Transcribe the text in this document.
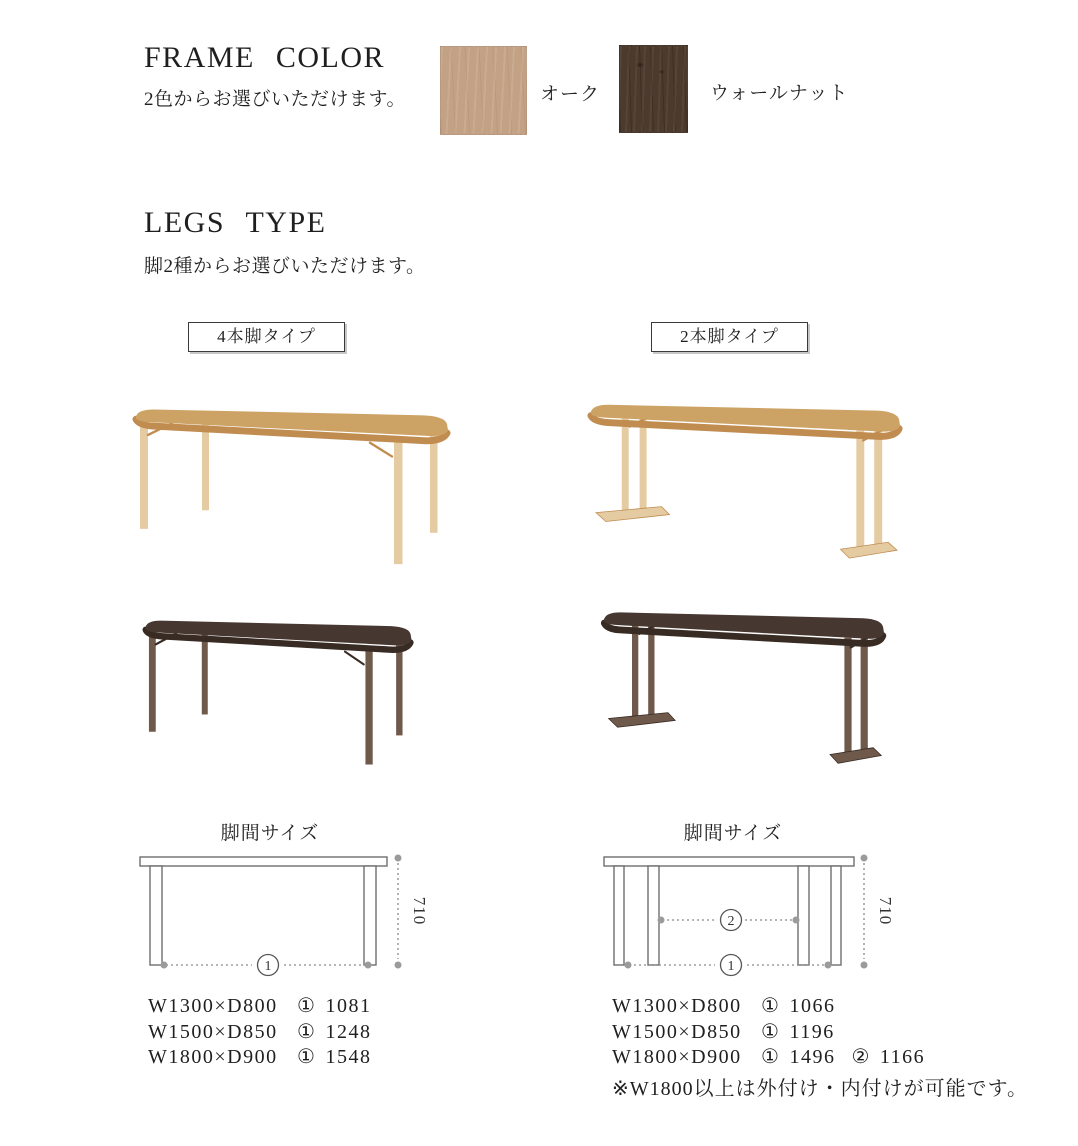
FRAME COLOR
2色からお選びいただけます。	オーク	ウォールナット
LEGS TYPE
脚2種からお選びいただけます。
4本脚タイプ	2本脚タイプ
脚間サイズ	脚間サイズ
1
710	2
1
710
W1300×D800 ① 1081
W1500×D850 ① 1248
W1800×D900 ① 1548
W1300×D800 ① 1066
W1500×D850 ① 1196
W1800×D900 ① 1496 ② 1166
※W1800以上は外付け・内付けが可能です。
